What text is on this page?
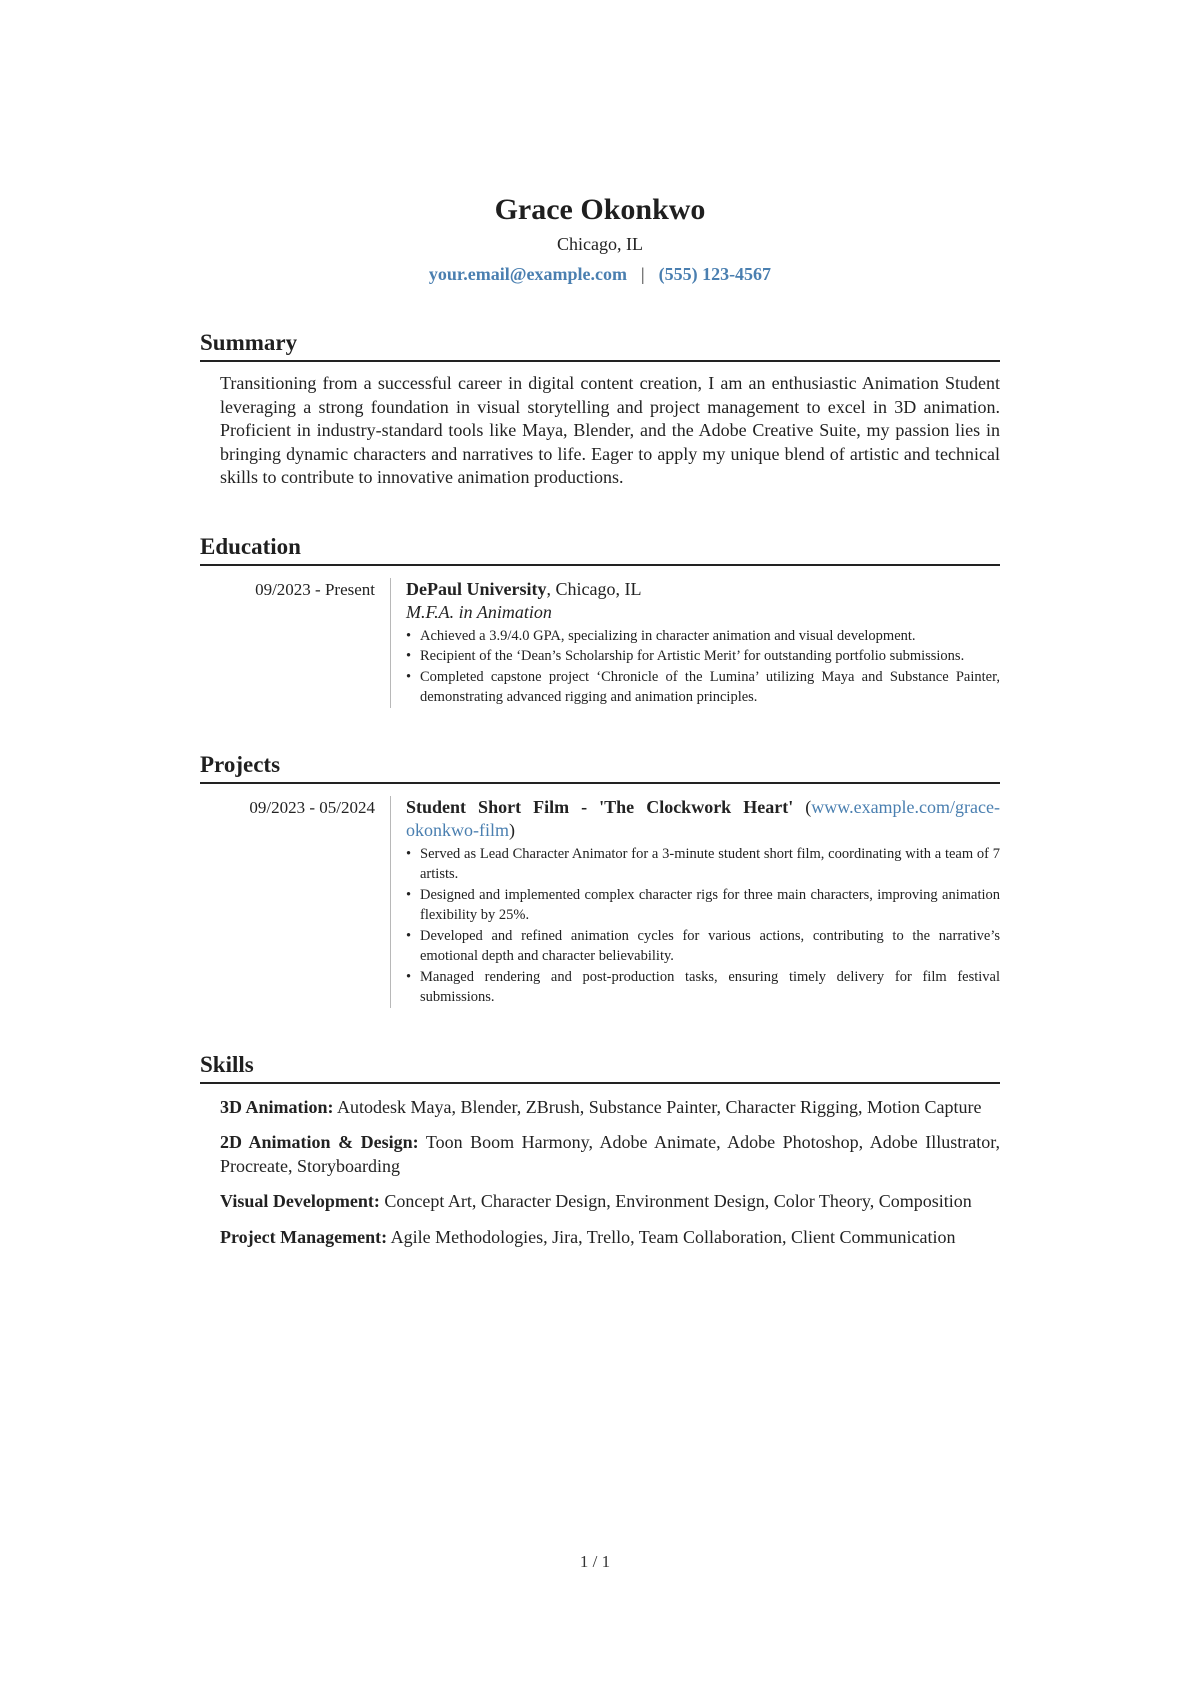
Grace Okonkwo
Chicago, IL
your.email@example.com | (555) 123-4567
Summary
Transitioning from a successful career in digital content creation, I am an enthusiastic Animation Student leveraging a strong foundation in visual storytelling and project management to excel in 3D animation. Proficient in industry-standard tools like Maya, Blender, and the Adobe Creative Suite, my passion lies in bringing dynamic characters and narratives to life. Eager to apply my unique blend of artistic and technical skills to contribute to innovative animation productions.
Education
09/2023 - Present	DePaul University, Chicago, IL
M.F.A. in Animation
• Achieved a 3.9/4.0 GPA, specializing in character animation and visual development.
• Recipient of the ‘Dean’s Scholarship for Artistic Merit’ for outstanding portfolio submissions.
• Completed capstone project ‘Chronicle of the Lumina’ utilizing Maya and Substance Painter, demonstrating advanced rigging and animation principles.
Projects
09/2023 - 05/2024	Student Short Film - 'The Clockwork Heart' (www.example.com/grace-okonkwo-film)
• Served as Lead Character Animator for a 3-minute student short film, coordinating with a team of 7 artists.
• Designed and implemented complex character rigs for three main characters, improving animation flexibility by 25%.
• Developed and refined animation cycles for various actions, contributing to the narrative’s emotional depth and character believability.
• Managed rendering and post-production tasks, ensuring timely delivery for film festival submissions.
Skills
3D Animation: Autodesk Maya, Blender, ZBrush, Substance Painter, Character Rigging, Motion Capture
2D Animation & Design: Toon Boom Harmony, Adobe Animate, Adobe Photoshop, Adobe Illustrator, Procreate, Storyboarding
Visual Development: Concept Art, Character Design, Environment Design, Color Theory, Composition
Project Management: Agile Methodologies, Jira, Trello, Team Collaboration, Client Communication
1 / 1
